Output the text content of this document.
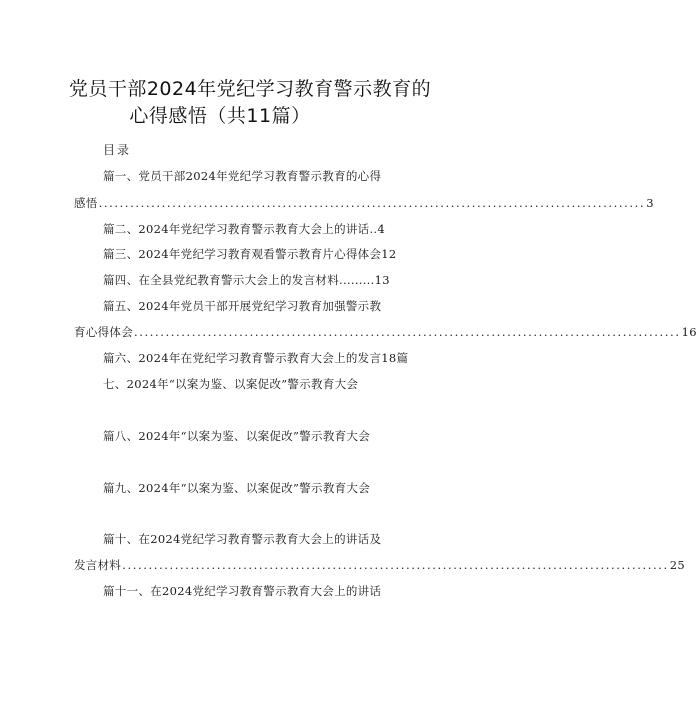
党员干部2024年党纪学习教育警示教育的
心得感悟（共11篇）
目录
篇一、党员干部2024年党纪学习教育警示教育的心得
感悟 ........................................................................................................ 3
篇二、2024年党纪学习教育警示教育大会上的讲话..4
篇三、2024年党纪学习教育观看警示教育片心得体会12
篇四、在全县党纪教育警示大会上的发言材料.........13
篇五、2024年党员干部开展党纪学习教育加强警示教
育心得体会 ........................................................................................................ 16
篇六、2024年在党纪学习教育警示教育大会上的发言18篇
七、2024年“以案为鉴、以案促改”警示教育大会
篇八、2024年“以案为鉴、以案促改”警示教育大会
篇九、2024年“以案为鉴、以案促改”警示教育大会
篇十、在2024党纪学习教育警示教育大会上的讲话及
发言材料 ........................................................................................................ 25
篇十一、在2024党纪学习教育警示教育大会上的讲话
